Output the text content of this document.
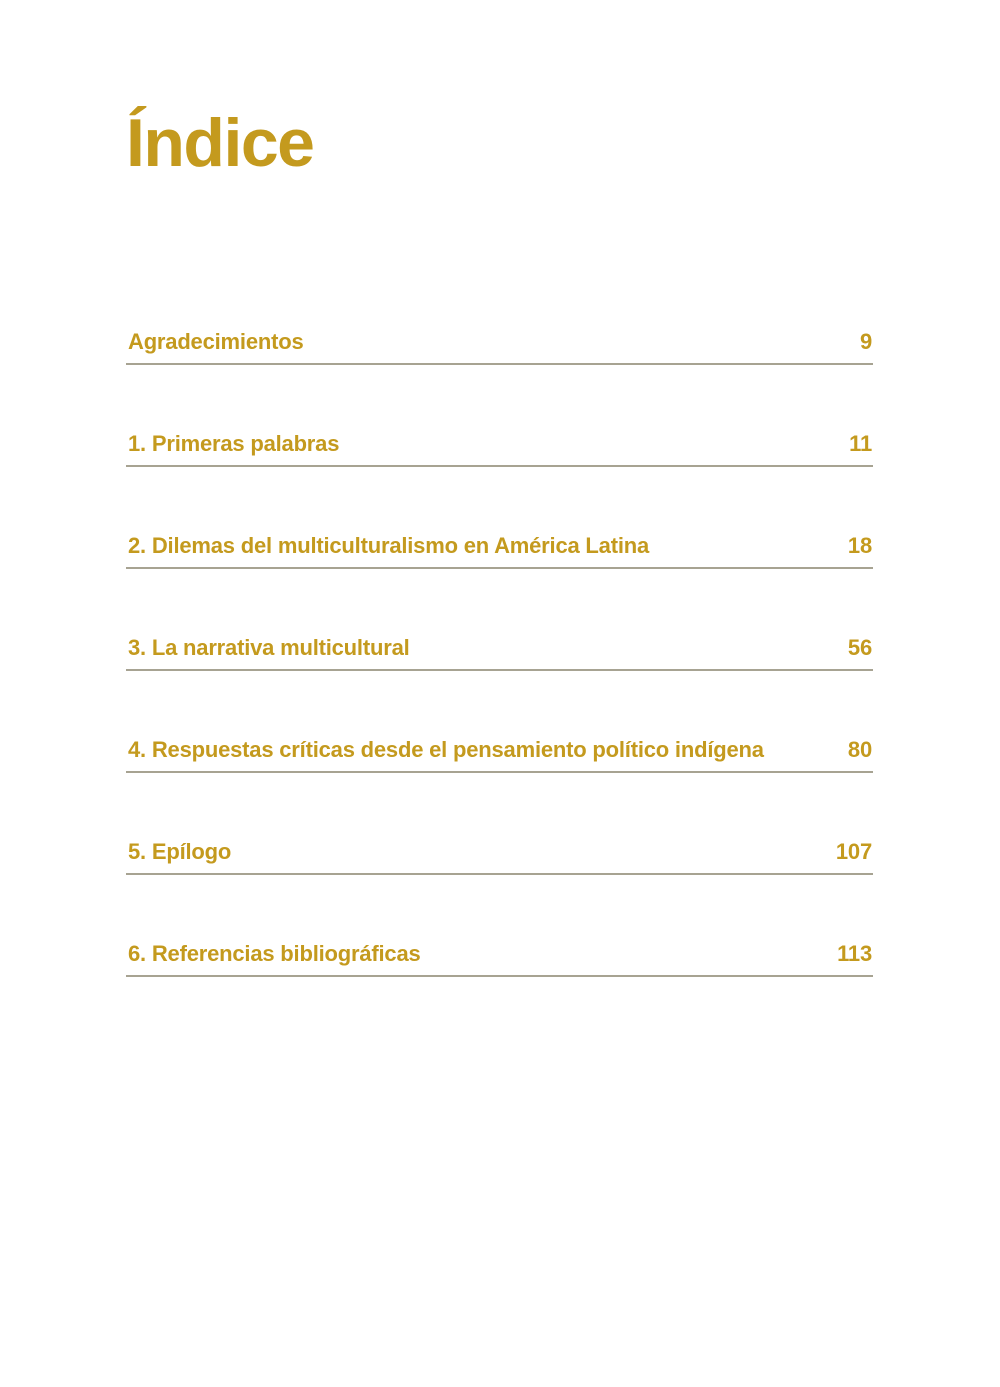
Índice
Agradecimientos	9
1. Primeras palabras	11
2. Dilemas del multiculturalismo en América Latina	18
3. La narrativa multicultural	56
4. Respuestas críticas desde el pensamiento político indígena	80
5. Epílogo	107
6. Referencias bibliográficas	113
